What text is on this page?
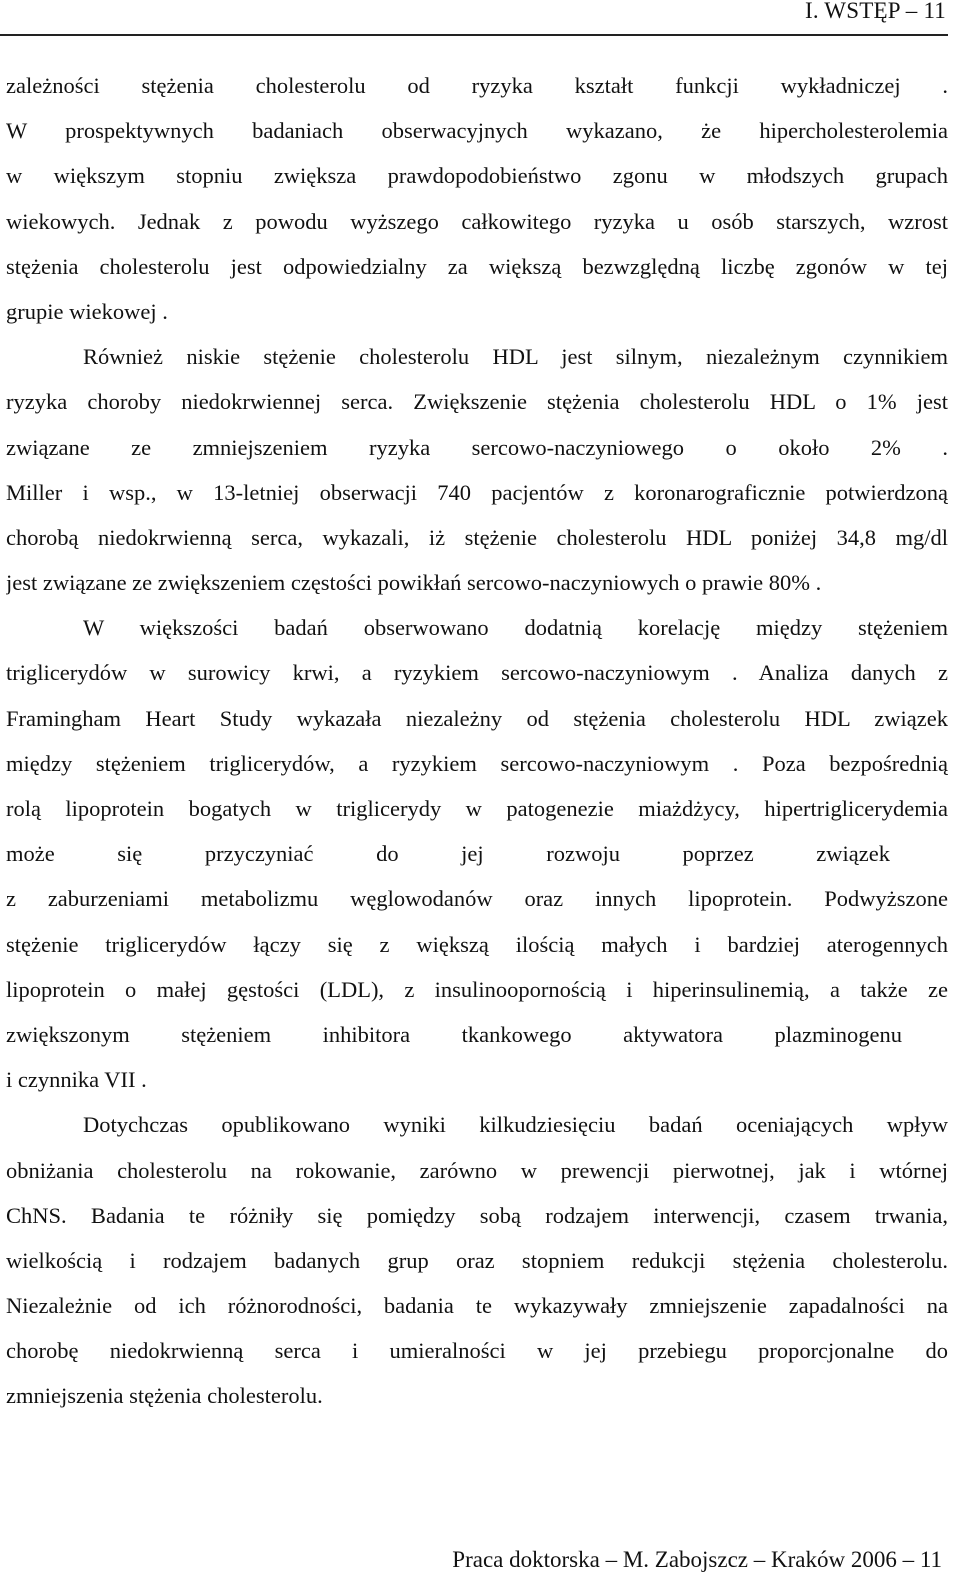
I. WSTĘP – 11
zależności stężenia cholesterolu od ryzyka kształt funkcji wykładniczej .
W prospektywnych badaniach obserwacyjnych wykazano, że hipercholesterolemia
w większym stopniu zwiększa prawdopodobieństwo zgonu w młodszych grupach
wiekowych. Jednak z powodu wyższego całkowitego ryzyka u osób starszych, wzrost
stężenia cholesterolu jest odpowiedzialny za większą bezwzględną liczbę zgonów w tej
grupie wiekowej .
Również niskie stężenie cholesterolu HDL jest silnym, niezależnym czynnikiem
ryzyka choroby niedokrwiennej serca. Zwiększenie stężenia cholesterolu HDL o 1% jest
związane ze zmniejszeniem ryzyka sercowo-naczyniowego o około 2% .
Miller i wsp., w 13-letniej obserwacji 740 pacjentów z koronarograficznie potwierdzoną
chorobą niedokrwienną serca, wykazali, iż stężenie cholesterolu HDL poniżej 34,8 mg/dl
jest związane ze zwiększeniem częstości powikłań sercowo-naczyniowych o prawie 80% .
W większości badań obserwowano dodatnią korelację między stężeniem
triglicerydów w surowicy krwi, a ryzykiem sercowo-naczyniowym . Analiza danych z
Framingham Heart Study wykazała niezależny od stężenia cholesterolu HDL związek
między stężeniem triglicerydów, a ryzykiem sercowo-naczyniowym . Poza bezpośrednią
rolą lipoprotein bogatych w triglicerydy w patogenezie miażdżycy, hipertriglicerydemia
może się przyczyniać do jej rozwoju poprzez związek
z zaburzeniami metabolizmu węglowodanów oraz innych lipoprotein. Podwyższone
stężenie triglicerydów łączy się z większą ilością małych i bardziej aterogennych
lipoprotein o małej gęstości (LDL), z insulinoopornością i hiperinsulinemią, a także ze
zwiększonym stężeniem inhibitora tkankowego aktywatora plazminogenu
i czynnika VII .
Dotychczas opublikowano wyniki kilkudziesięciu badań oceniających wpływ
obniżania cholesterolu na rokowanie, zarówno w prewencji pierwotnej, jak i wtórnej
ChNS. Badania te różniły się pomiędzy sobą rodzajem interwencji, czasem trwania,
wielkością i rodzajem badanych grup oraz stopniem redukcji stężenia cholesterolu.
Niezależnie od ich różnorodności, badania te wykazywały zmniejszenie zapadalności na
chorobę niedokrwienną serca i umieralności w jej przebiegu proporcjonalne do
zmniejszenia stężenia cholesterolu.
Praca doktorska – M. Zabojszcz – Kraków 2006 – 11
